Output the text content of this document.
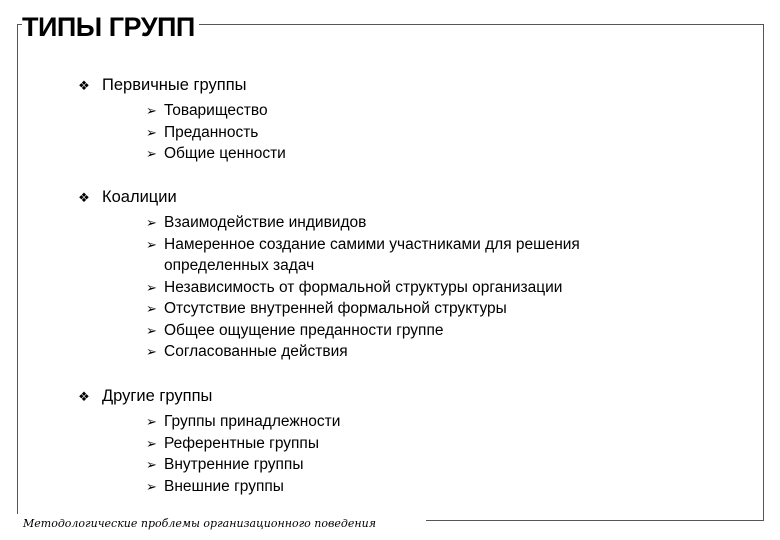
ТИПЫ ГРУПП
❖ Первичные группы
➢ Товарищество
➢ Преданность
➢ Общие ценности
❖ Коалиции
➢ Взаимодействие индивидов
➢ Намеренное создание самими участниками для решения определенных задач
➢ Независимость от формальной структуры организации
➢ Отсутствие внутренней формальной структуры
➢ Общее ощущение преданности группе
➢ Согласованные действия
❖ Другие группы
➢ Группы принадлежности
➢ Референтные группы
➢ Внутренние группы
➢ Внешние группы
Методологические проблемы организационного поведения
